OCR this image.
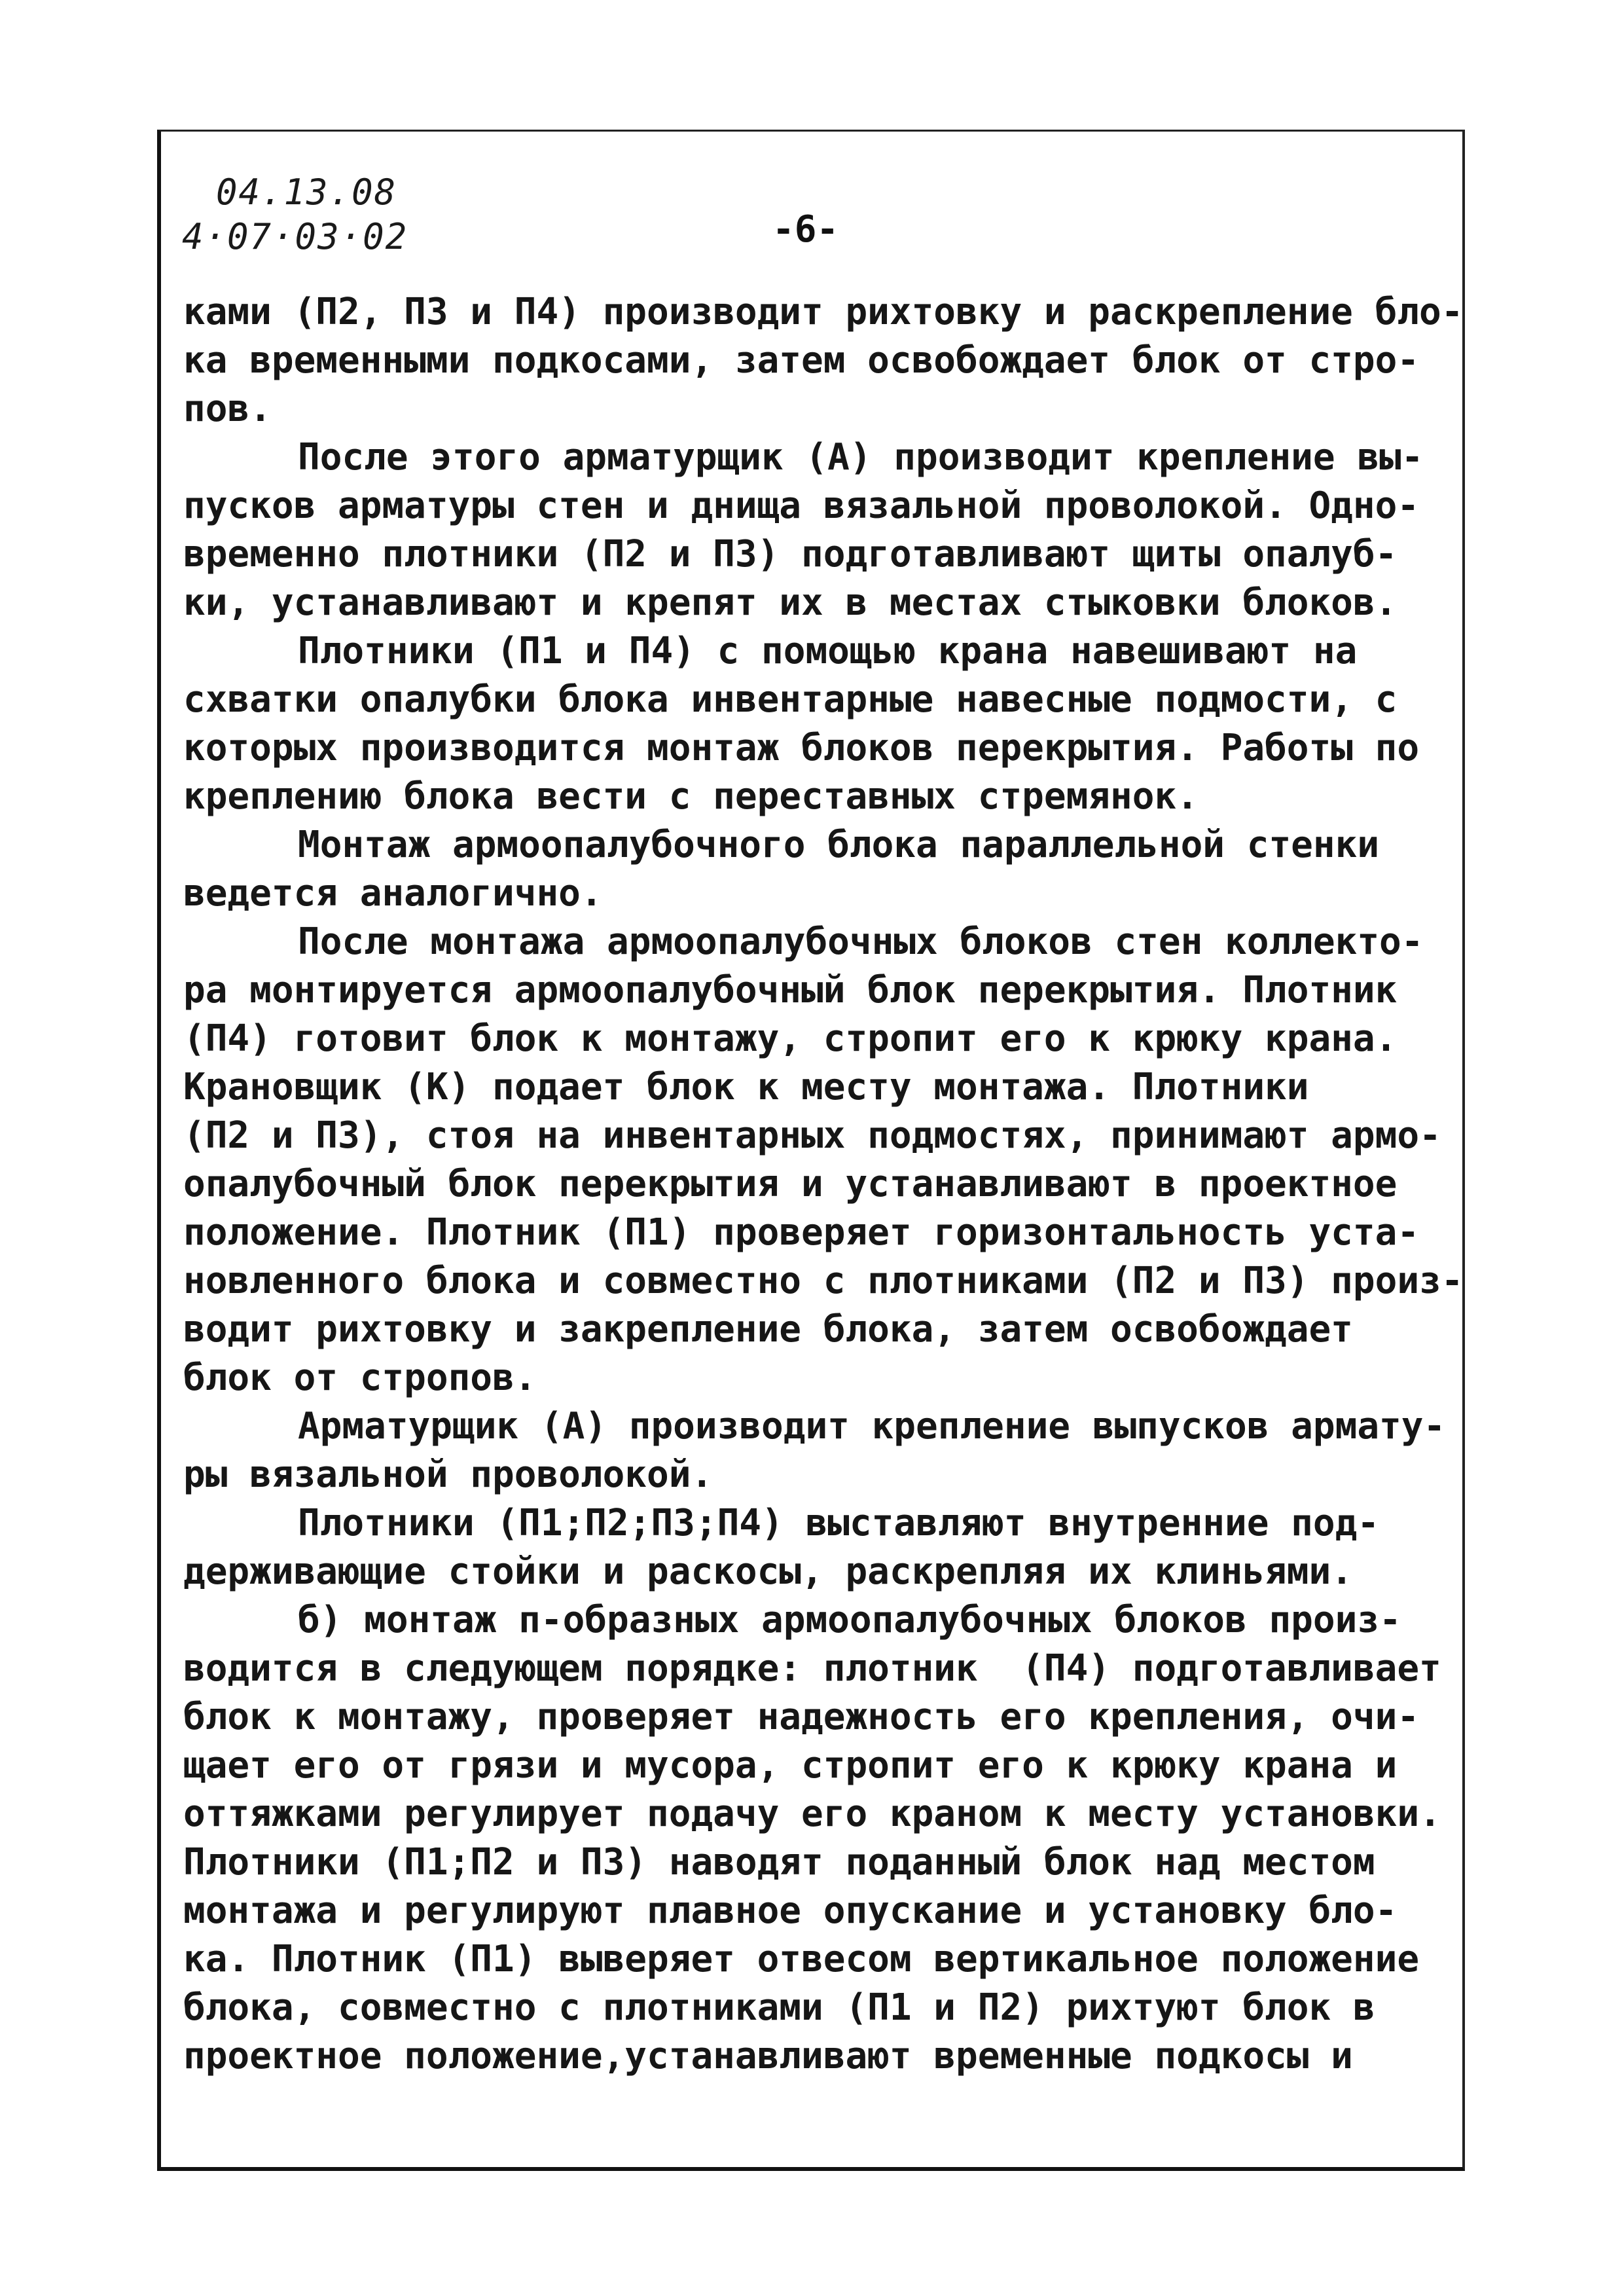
04.13.08
4·07·03·02	-6-
ками (П2, П3 и П4) производит рихтовку и раскрепление бло-
ка временными подкосами, затем освобождает блок от стро-
пов.
После этого арматурщик (А) производит крепление вы-
пусков арматуры стен и днища вязальной проволокой. Одно-
временно плотники (П2 и П3) подготавливают щиты опалуб-
ки, устанавливают и крепят их в местах стыковки блоков.
Плотники (П1 и П4) с помощью крана навешивают на
схватки опалубки блока инвентарные навесные подмости, с
которых производится монтаж блоков перекрытия. Работы по
креплению блока вести с переставных стремянок.
Монтаж армоопалубочного блока параллельной стенки
ведется аналогично.
После монтажа армоопалубочных блоков стен коллекто-
ра монтируется армоопалубочный блок перекрытия. Плотник
(П4) готовит блок к монтажу, стропит его к крюку крана.
Крановщик (К) подает блок к месту монтажа. Плотники
(П2 и П3), стоя на инвентарных подмостях, принимают армо-
опалубочный блок перекрытия и устанавливают в проектное
положение. Плотник (П1) проверяет горизонтальность уста-
новленного блока и совместно с плотниками (П2 и П3) произ-
водит рихтовку и закрепление блока, затем освобождает
блок от стропов.
Арматурщик (А) производит крепление выпусков армату-
ры вязальной проволокой.
Плотники (П1;П2;П3;П4) выставляют внутренние под-
держивающие стойки и раскосы, раскрепляя их клиньями.
б) монтаж п-образных армоопалубочных блоков произ-
водится в следующем порядке: плотник  (П4) подготавливает
блок к монтажу, проверяет надежность его крепления, очи-
щает его от грязи и мусора, стропит его к крюку крана и
оттяжками регулирует подачу его краном к месту установки.
Плотники (П1;П2 и П3) наводят поданный блок над местом
монтажа и регулируют плавное опускание и установку бло-
ка. Плотник (П1) выверяет отвесом вертикальное положение
блока, совместно с плотниками (П1 и П2) рихтуют блок в
проектное положение,устанавливают временные подкосы и
